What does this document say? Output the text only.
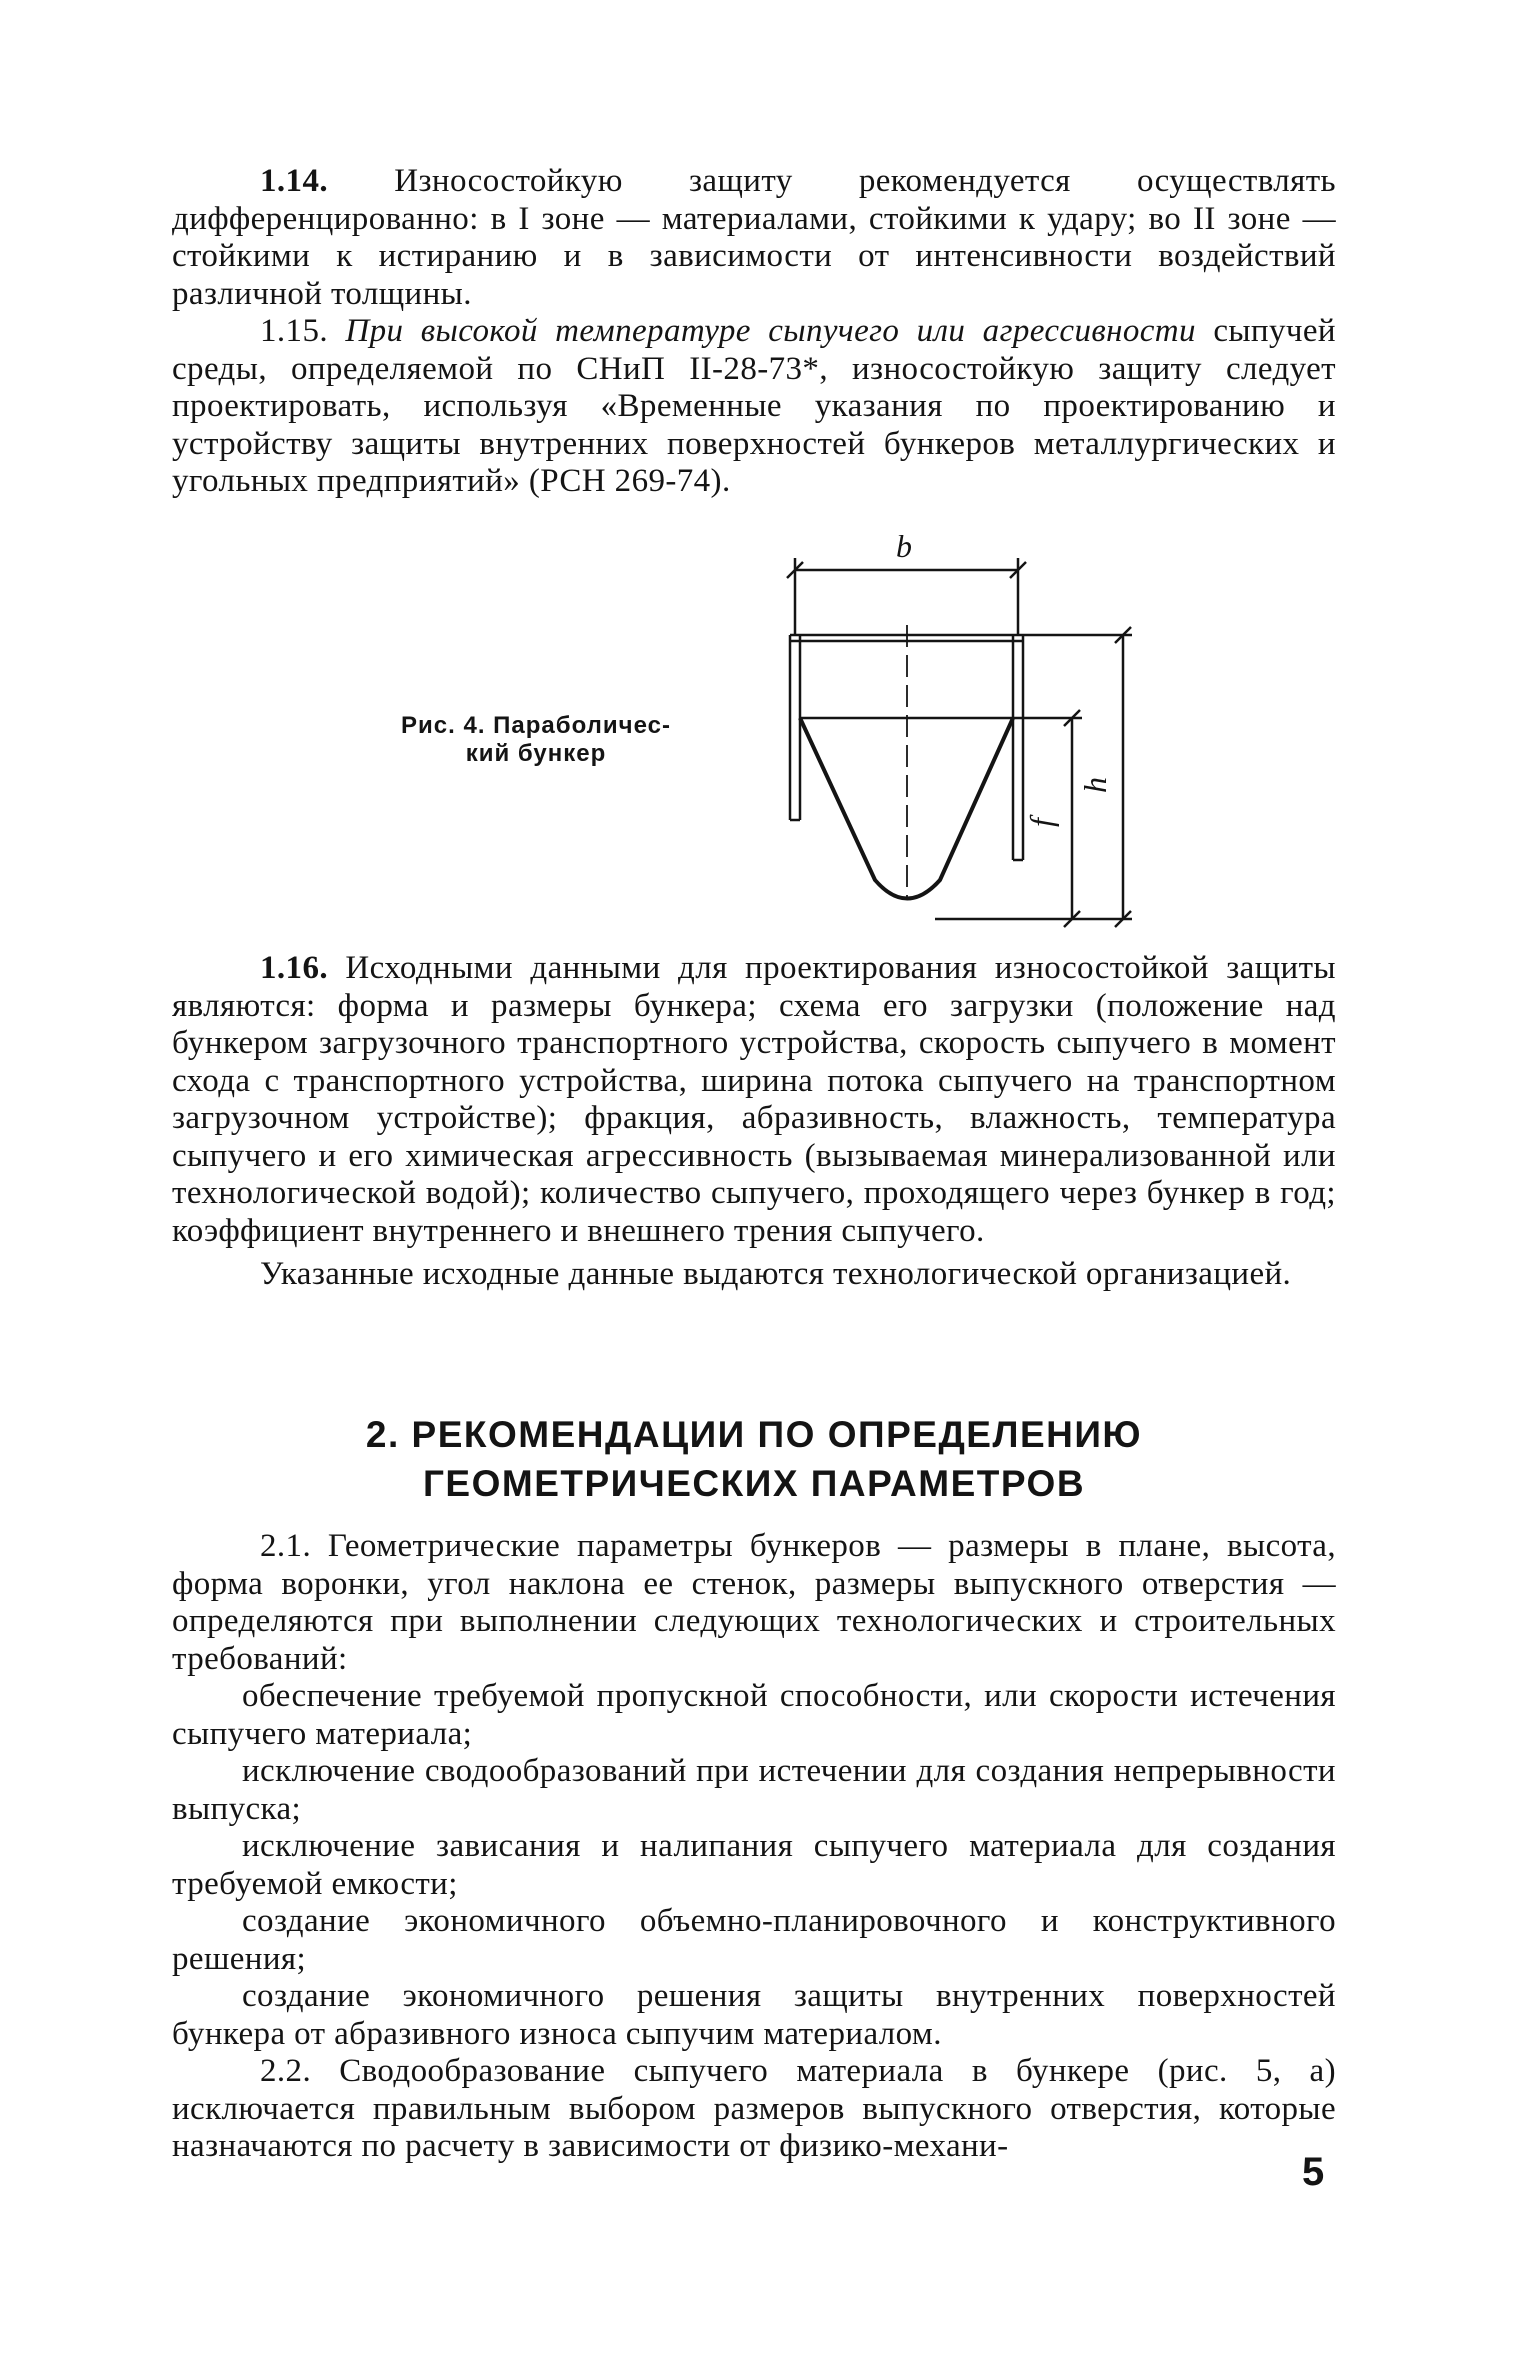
1.14. Износостойкую защиту рекомендуется осуществлять дифференцированно: в I зоне — материалами, стойкими к удару; во II зоне — стойкими к истиранию и в зависимости от интенсивности воздействий различной толщины.

1.15. При высокой температуре сыпучего или агрессивности сыпучей среды, определяемой по СНиП II-28-73*, износостойкую защиту следует проектировать, используя «Временные указания по проектированию и устройству защиты внутренних поверхностей бункеров металлургических и угольных предприятий» (РСН 269-74).

Рис. 4. Параболичес-
кий бункер
b
f
h

1.16. Исходными данными для проектирования износостойкой защиты являются: форма и размеры бункера; схема его загрузки (положение над бункером загрузочного транспортного устройства, скорость сыпучего в момент схода с транспортного устройства, ширина потока сыпучего на транспортном загрузочном устройстве); фракция, абразивность, влажность, температура сыпучего и его химическая агрессивность (вызываемая минерализованной или технологической водой); количество сыпучего, проходящего через бункер в год; коэффициент внутреннего и внешнего трения сыпучего.

Указанные исходные данные выдаются технологической организацией.

2. РЕКОМЕНДАЦИИ ПО ОПРЕДЕЛЕНИЮ
ГЕОМЕТРИЧЕСКИХ ПАРАМЕТРОВ

2.1. Геометрические параметры бункеров — размеры в плане, высота, форма воронки, угол наклона ее стенок, размеры выпускного отверстия — определяются при выполнении следующих технологических и строительных требований:

обеспечение требуемой пропускной способности, или скорости истечения сыпучего материала;

исключение сводообразований при истечении для создания непрерывности выпуска;

исключение зависания и налипания сыпучего материала для создания требуемой емкости;

создание экономичного объемно-планировочного и конструктивного решения;

создание экономичного решения защиты внутренних поверхностей бункера от абразивного износа сыпучим материалом.

2.2. Сводообразование сыпучего материала в бункере (рис. 5, а) исключается правильным выбором размеров выпускного отверстия, которые назначаются по расчету в зависимости от физико-механи-

5
